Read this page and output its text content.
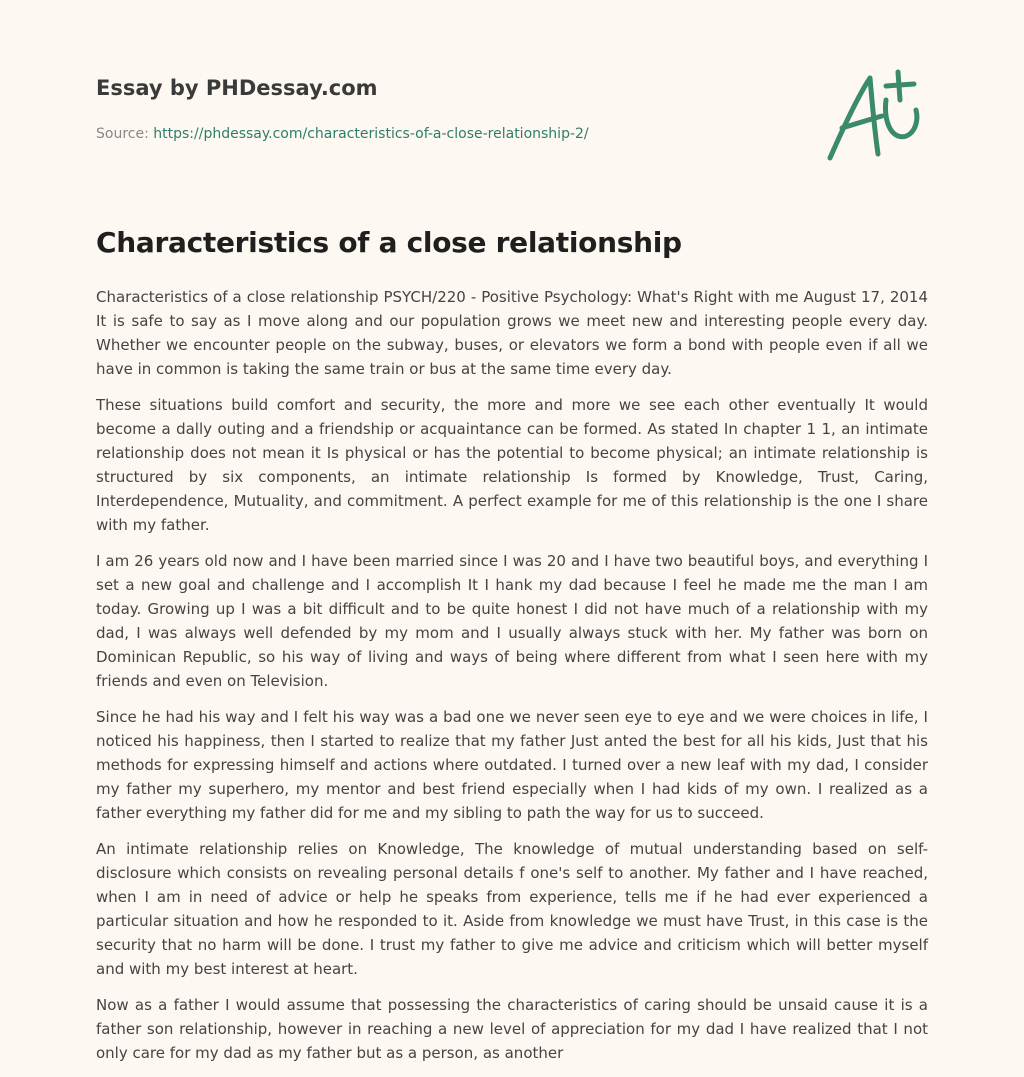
Essay by PHDessay.com

Source: https://phdessay.com/characteristics-of-a-close-relationship-2/
Characteristics of a close relationship

Characteristics of a close relationship PSYCH/220 - Positive Psychology: What's Right with me August 17, 2014 It is safe to say as I move along and our population grows we meet new and interesting people every day. Whether we encounter people on the subway, buses, or elevators we form a bond with people even if all we have in common is taking the same train or bus at the same time every day.

These situations build comfort and security, the more and more we see each other eventually It would become a dally outing and a friendship or acquaintance can be formed. As stated In chapter 1 1, an intimate relationship does not mean it Is physical or has the potential to become physical; an intimate relationship is structured by six components, an intimate relationship Is formed by Knowledge, Trust, Caring, Interdependence, Mutuality, and commitment. A perfect example for me of this relationship is the one I share with my father.

I am 26 years old now and I have been married since I was 20 and I have two beautiful boys, and everything I set a new goal and challenge and I accomplish It I hank my dad because I feel he made me the man I am today. Growing up I was a bit difficult and to be quite honest I did not have much of a relationship with my dad, I was always well defended by my mom and I usually always stuck with her. My father was born on Dominican Republic, so his way of living and ways of being where different from what I seen here with my friends and even on Television.

Since he had his way and I felt his way was a bad one we never seen eye to eye and we were choices in life, I noticed his happiness, then I started to realize that my father Just anted the best for all his kids, Just that his methods for expressing himself and actions where outdated. I turned over a new leaf with my dad, I consider my father my superhero, my mentor and best friend especially when I had kids of my own. I realized as a father everything my father did for me and my sibling to path the way for us to succeed.

An intimate relationship relies on Knowledge, The knowledge of mutual understanding based on self-disclosure which consists on revealing personal details f one's self to another. My father and I have reached, when I am in need of advice or help he speaks from experience, tells me if he had ever experienced a particular situation and how he responded to it. Aside from knowledge we must have Trust, in this case is the security that no harm will be done. I trust my father to give me advice and criticism which will better myself and with my best interest at heart.

Now as a father I would assume that possessing the characteristics of caring should be unsaid cause it is a father son relationship, however in reaching a new level of appreciation for my dad I have realized that I not only care for my dad as my father but as a person, as another
